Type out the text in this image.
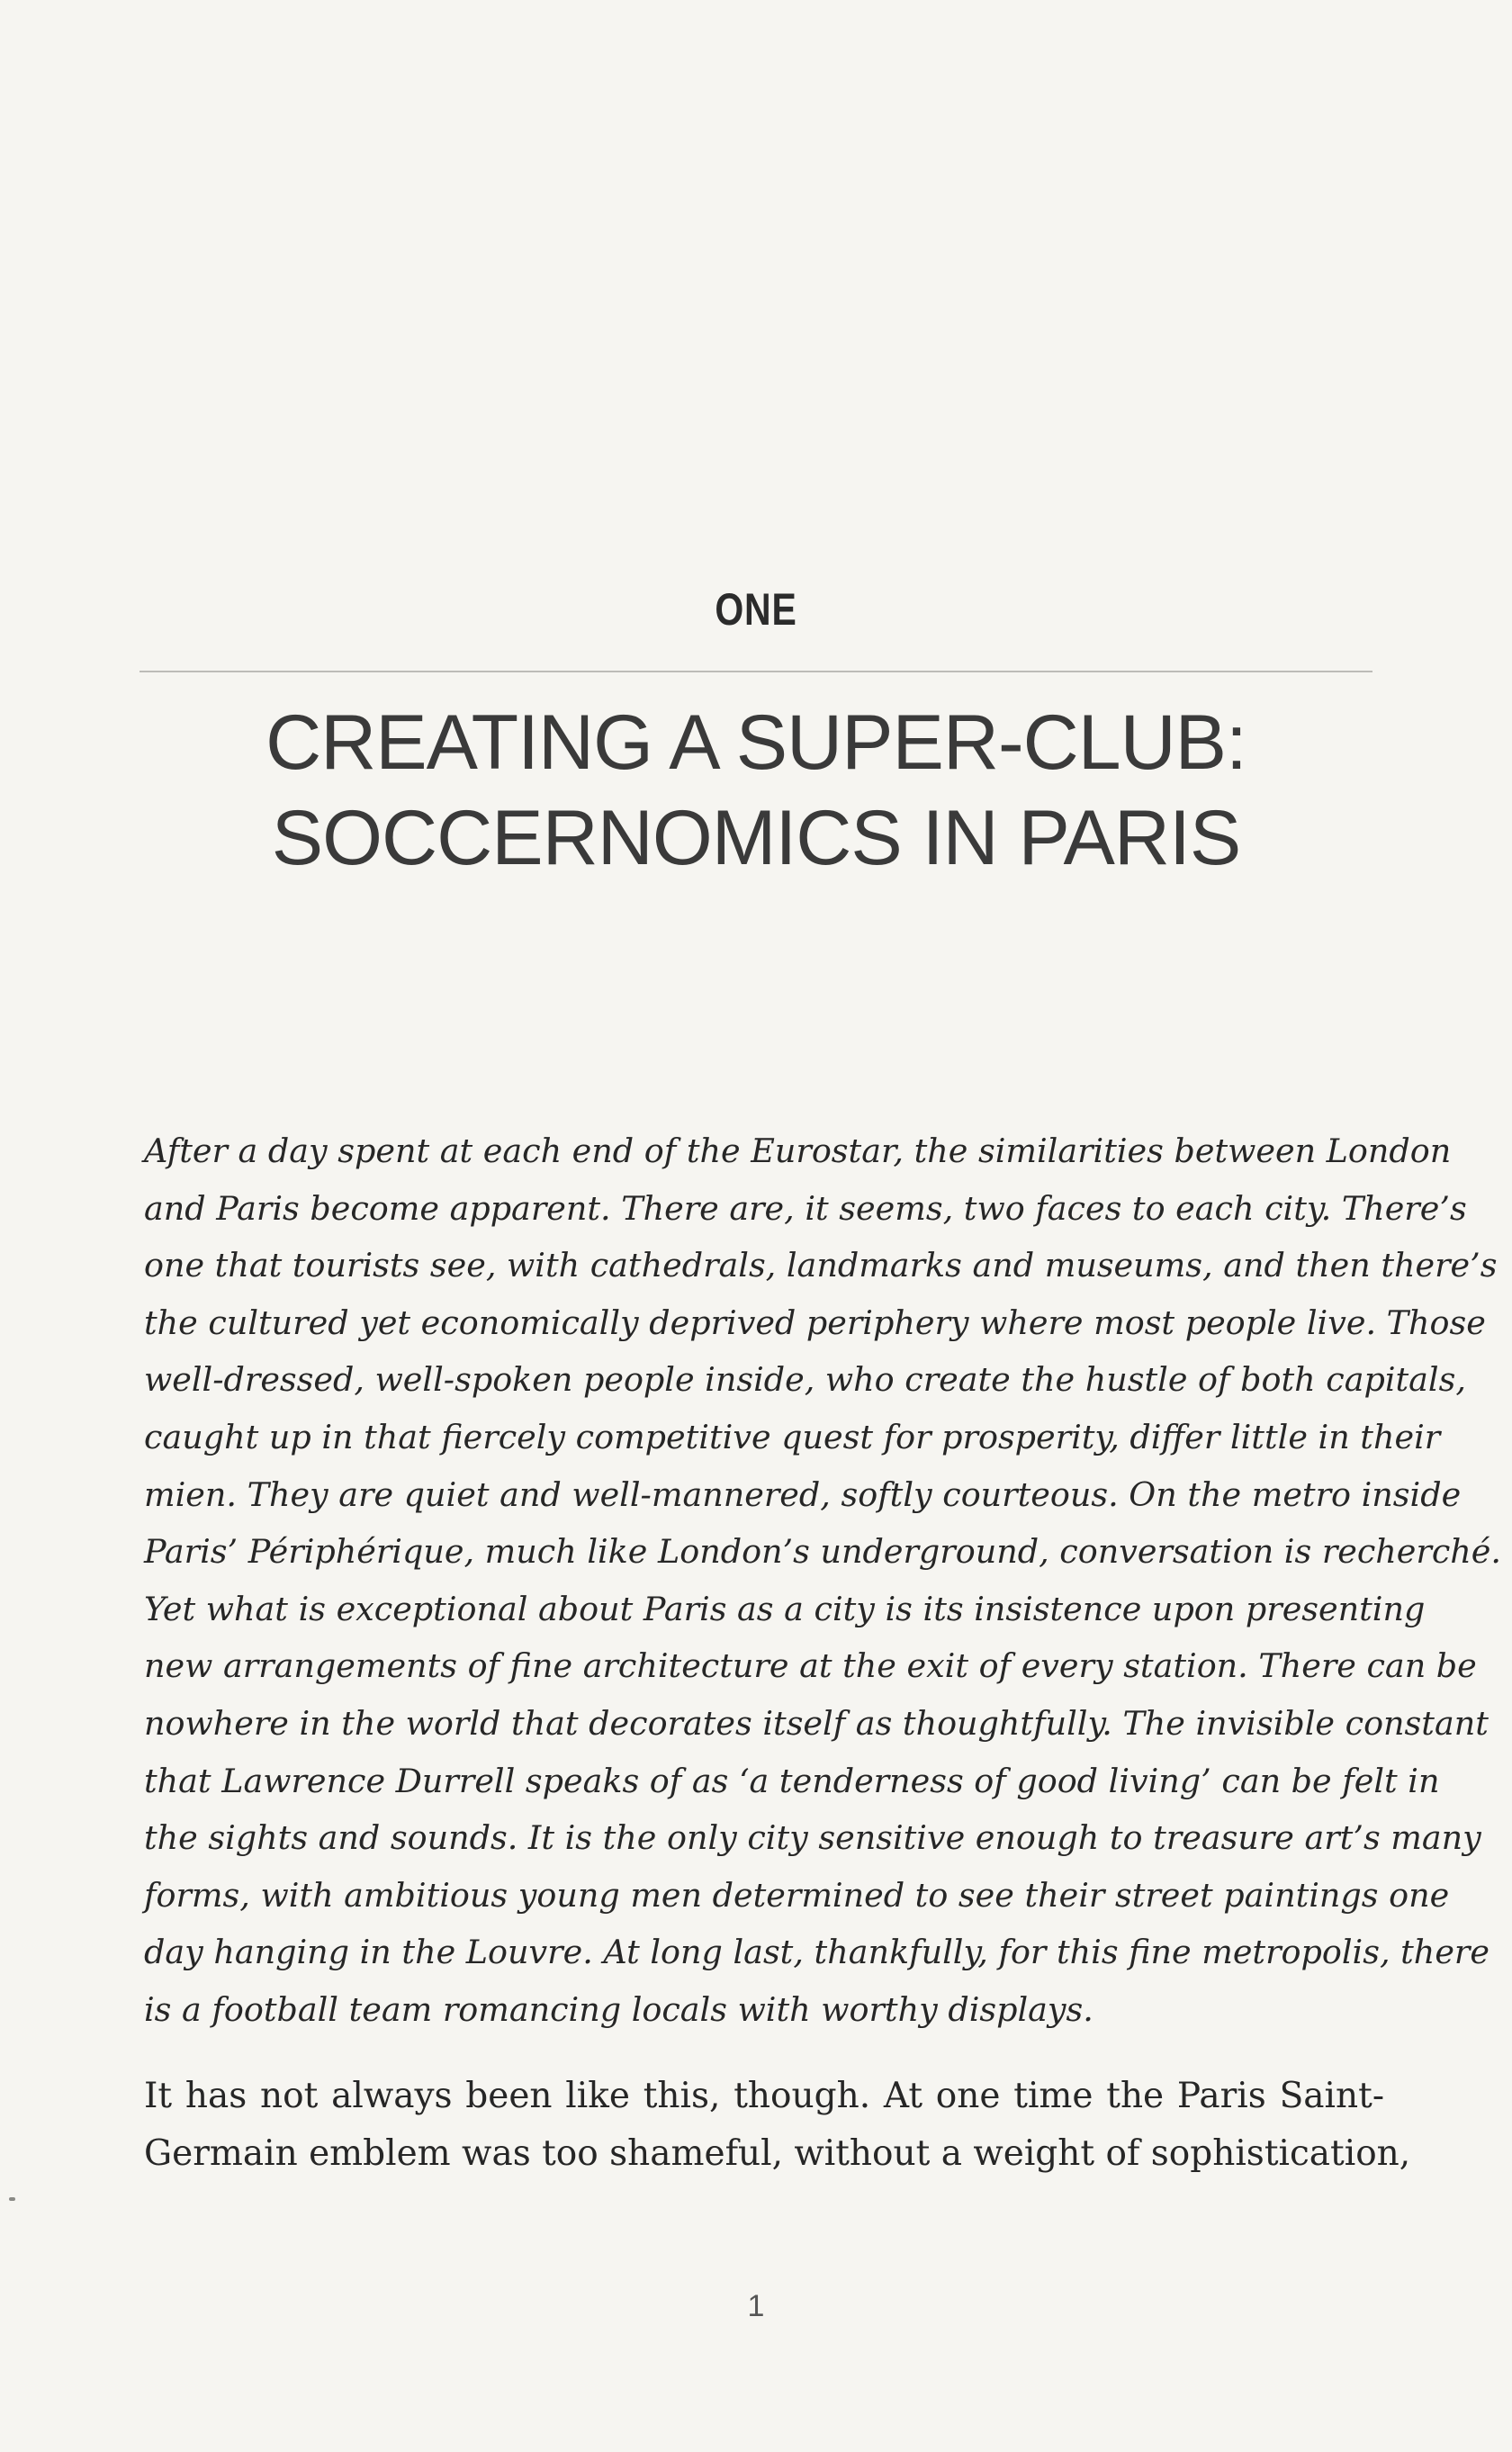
ONE
CREATING A SUPER-CLUB:
SOCCERNOMICS IN PARIS

After a day spent at each end of the Eurostar, the similarities between London
and Paris become apparent. There are, it seems, two faces to each city. There’s
one that tourists see, with cathedrals, landmarks and museums, and then there’s
the cultured yet economically deprived periphery where most people live. Those
well-dressed, well-spoken people inside, who create the hustle of both capitals,
caught up in that fiercely competitive quest for prosperity, differ little in their
mien. They are quiet and well-mannered, softly courteous. On the metro inside
Paris’ Périphérique, much like London’s underground, conversation is recherché.
Yet what is exceptional about Paris as a city is its insistence upon presenting
new arrangements of fine architecture at the exit of every station. There can be
nowhere in the world that decorates itself as thoughtfully. The invisible constant
that Lawrence Durrell speaks of as ‘a tenderness of good living’ can be felt in
the sights and sounds. It is the only city sensitive enough to treasure art’s many
forms, with ambitious young men determined to see their street paintings one
day hanging in the Louvre. At long last, thankfully, for this fine metropolis, there
is a football team romancing locals with worthy displays.

It has not always been like this, though. At one time the Paris Saint-
Germain emblem was too shameful, without a weight of sophistication,

1
